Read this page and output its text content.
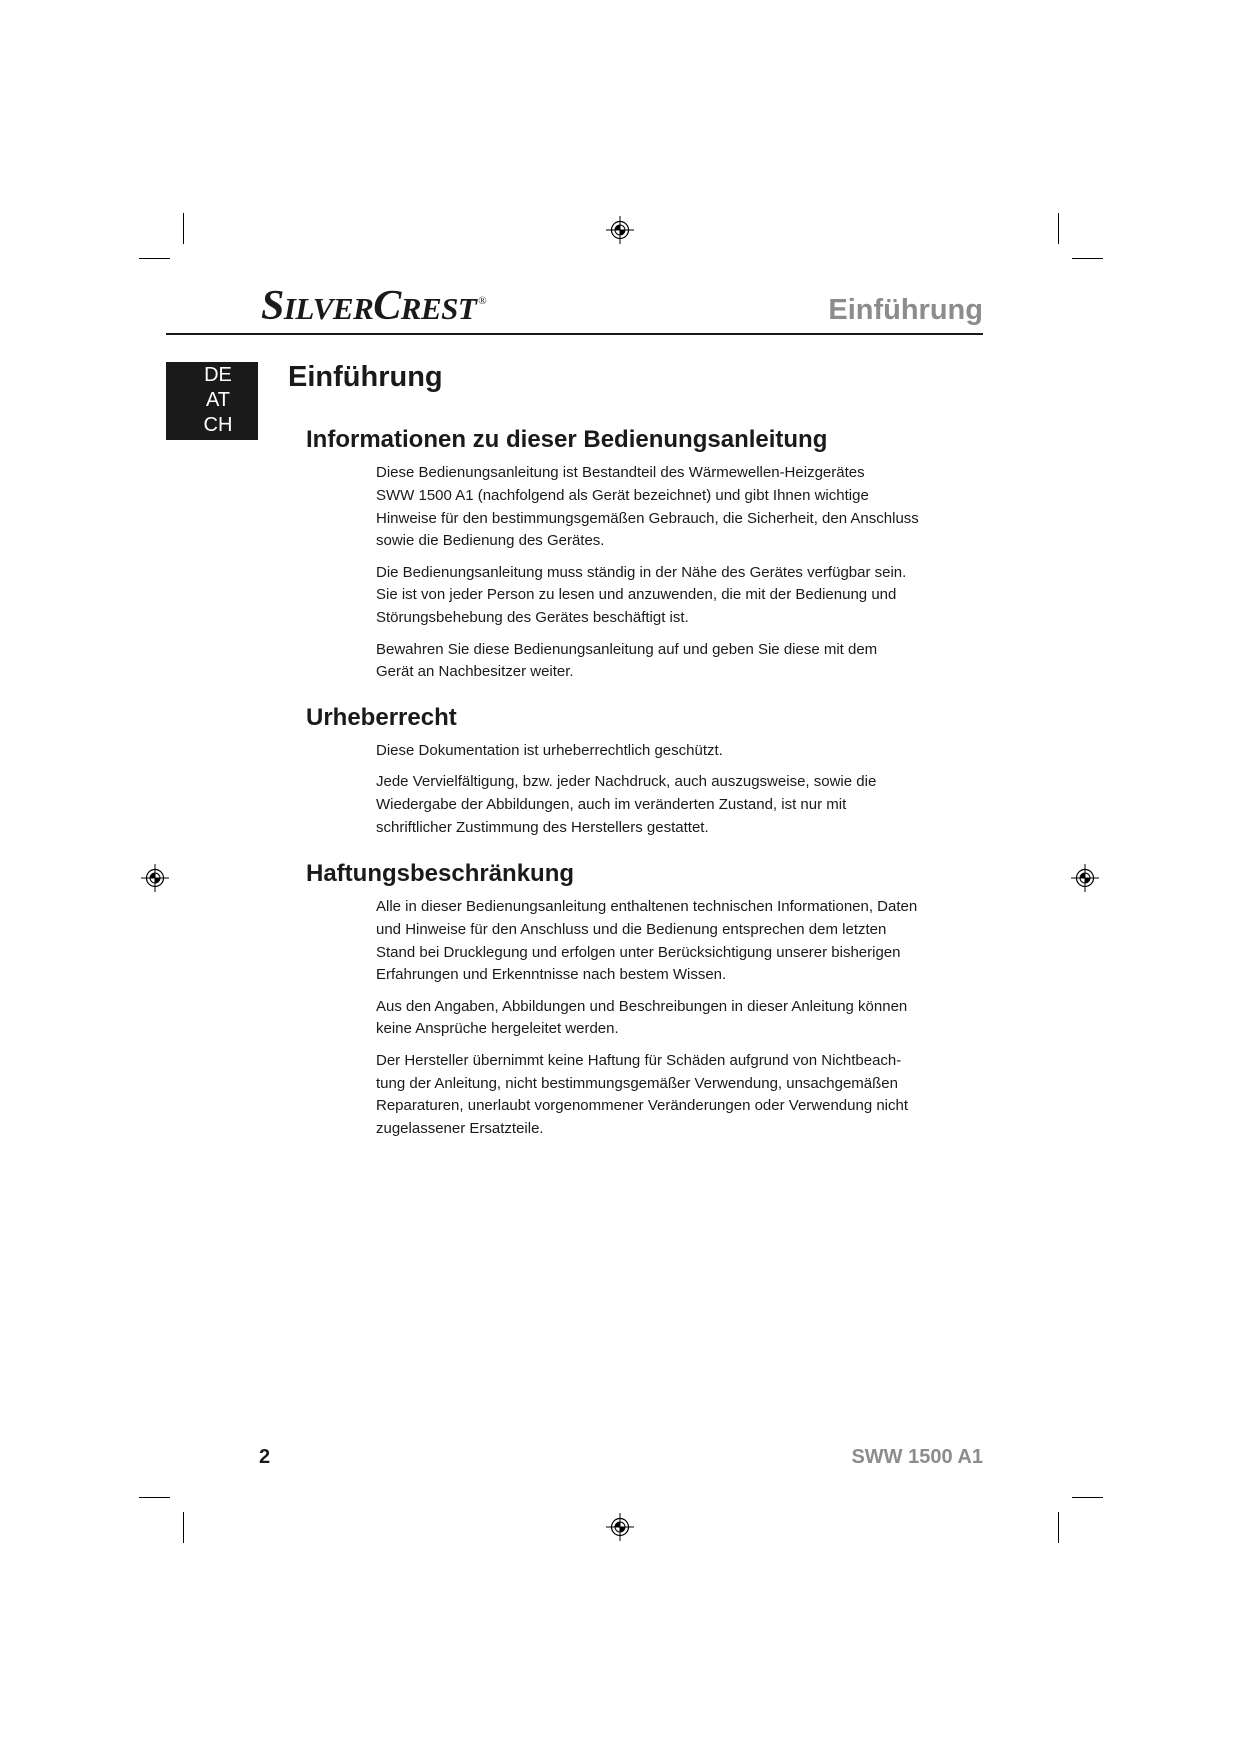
SILVERCREST ®	Einführung
DE
AT
CH
Einführung
Informationen zu dieser Bedienungsanleitung
Diese Bedienungsanleitung ist Bestandteil des Wärmewellen-Heizgerätes
SWW 1500 A1 (nachfolgend als Gerät bezeichnet) und gibt Ihnen wichtige
Hinweise für den bestimmungsgemäßen Gebrauch, die Sicherheit, den Anschluss
sowie die Bedienung des Gerätes.
Die Bedienungsanleitung muss ständig in der Nähe des Gerätes verfügbar sein.
Sie ist von jeder Person zu lesen und anzuwenden, die mit der Bedienung und
Störungsbehebung des Gerätes beschäftigt ist.
Bewahren Sie diese Bedienungsanleitung auf und geben Sie diese mit dem
Gerät an Nachbesitzer weiter.
Urheberrecht
Diese Dokumentation ist urheberrechtlich geschützt.
Jede Vervielfältigung, bzw. jeder Nachdruck, auch auszugsweise, sowie die
Wiedergabe der Abbildungen, auch im veränderten Zustand, ist nur mit
schriftlicher Zustimmung des Herstellers gestattet.
Haftungsbeschränkung
Alle in dieser Bedienungsanleitung enthaltenen technischen Informationen, Daten
und Hinweise für den Anschluss und die Bedienung entsprechen dem letzten
Stand bei Drucklegung und erfolgen unter Berücksichtigung unserer bisherigen
Erfahrungen und Erkenntnisse nach bestem Wissen.
Aus den Angaben, Abbildungen und Beschreibungen in dieser Anleitung können
keine Ansprüche hergeleitet werden.
Der Hersteller übernimmt keine Haftung für Schäden aufgrund von Nichtbeach-
tung der Anleitung, nicht bestimmungsgemäßer Verwendung, unsachgemäßen
Reparaturen, unerlaubt vorgenommener Veränderungen oder Verwendung nicht
zugelassener Ersatzteile.
2	SWW 1500 A1
